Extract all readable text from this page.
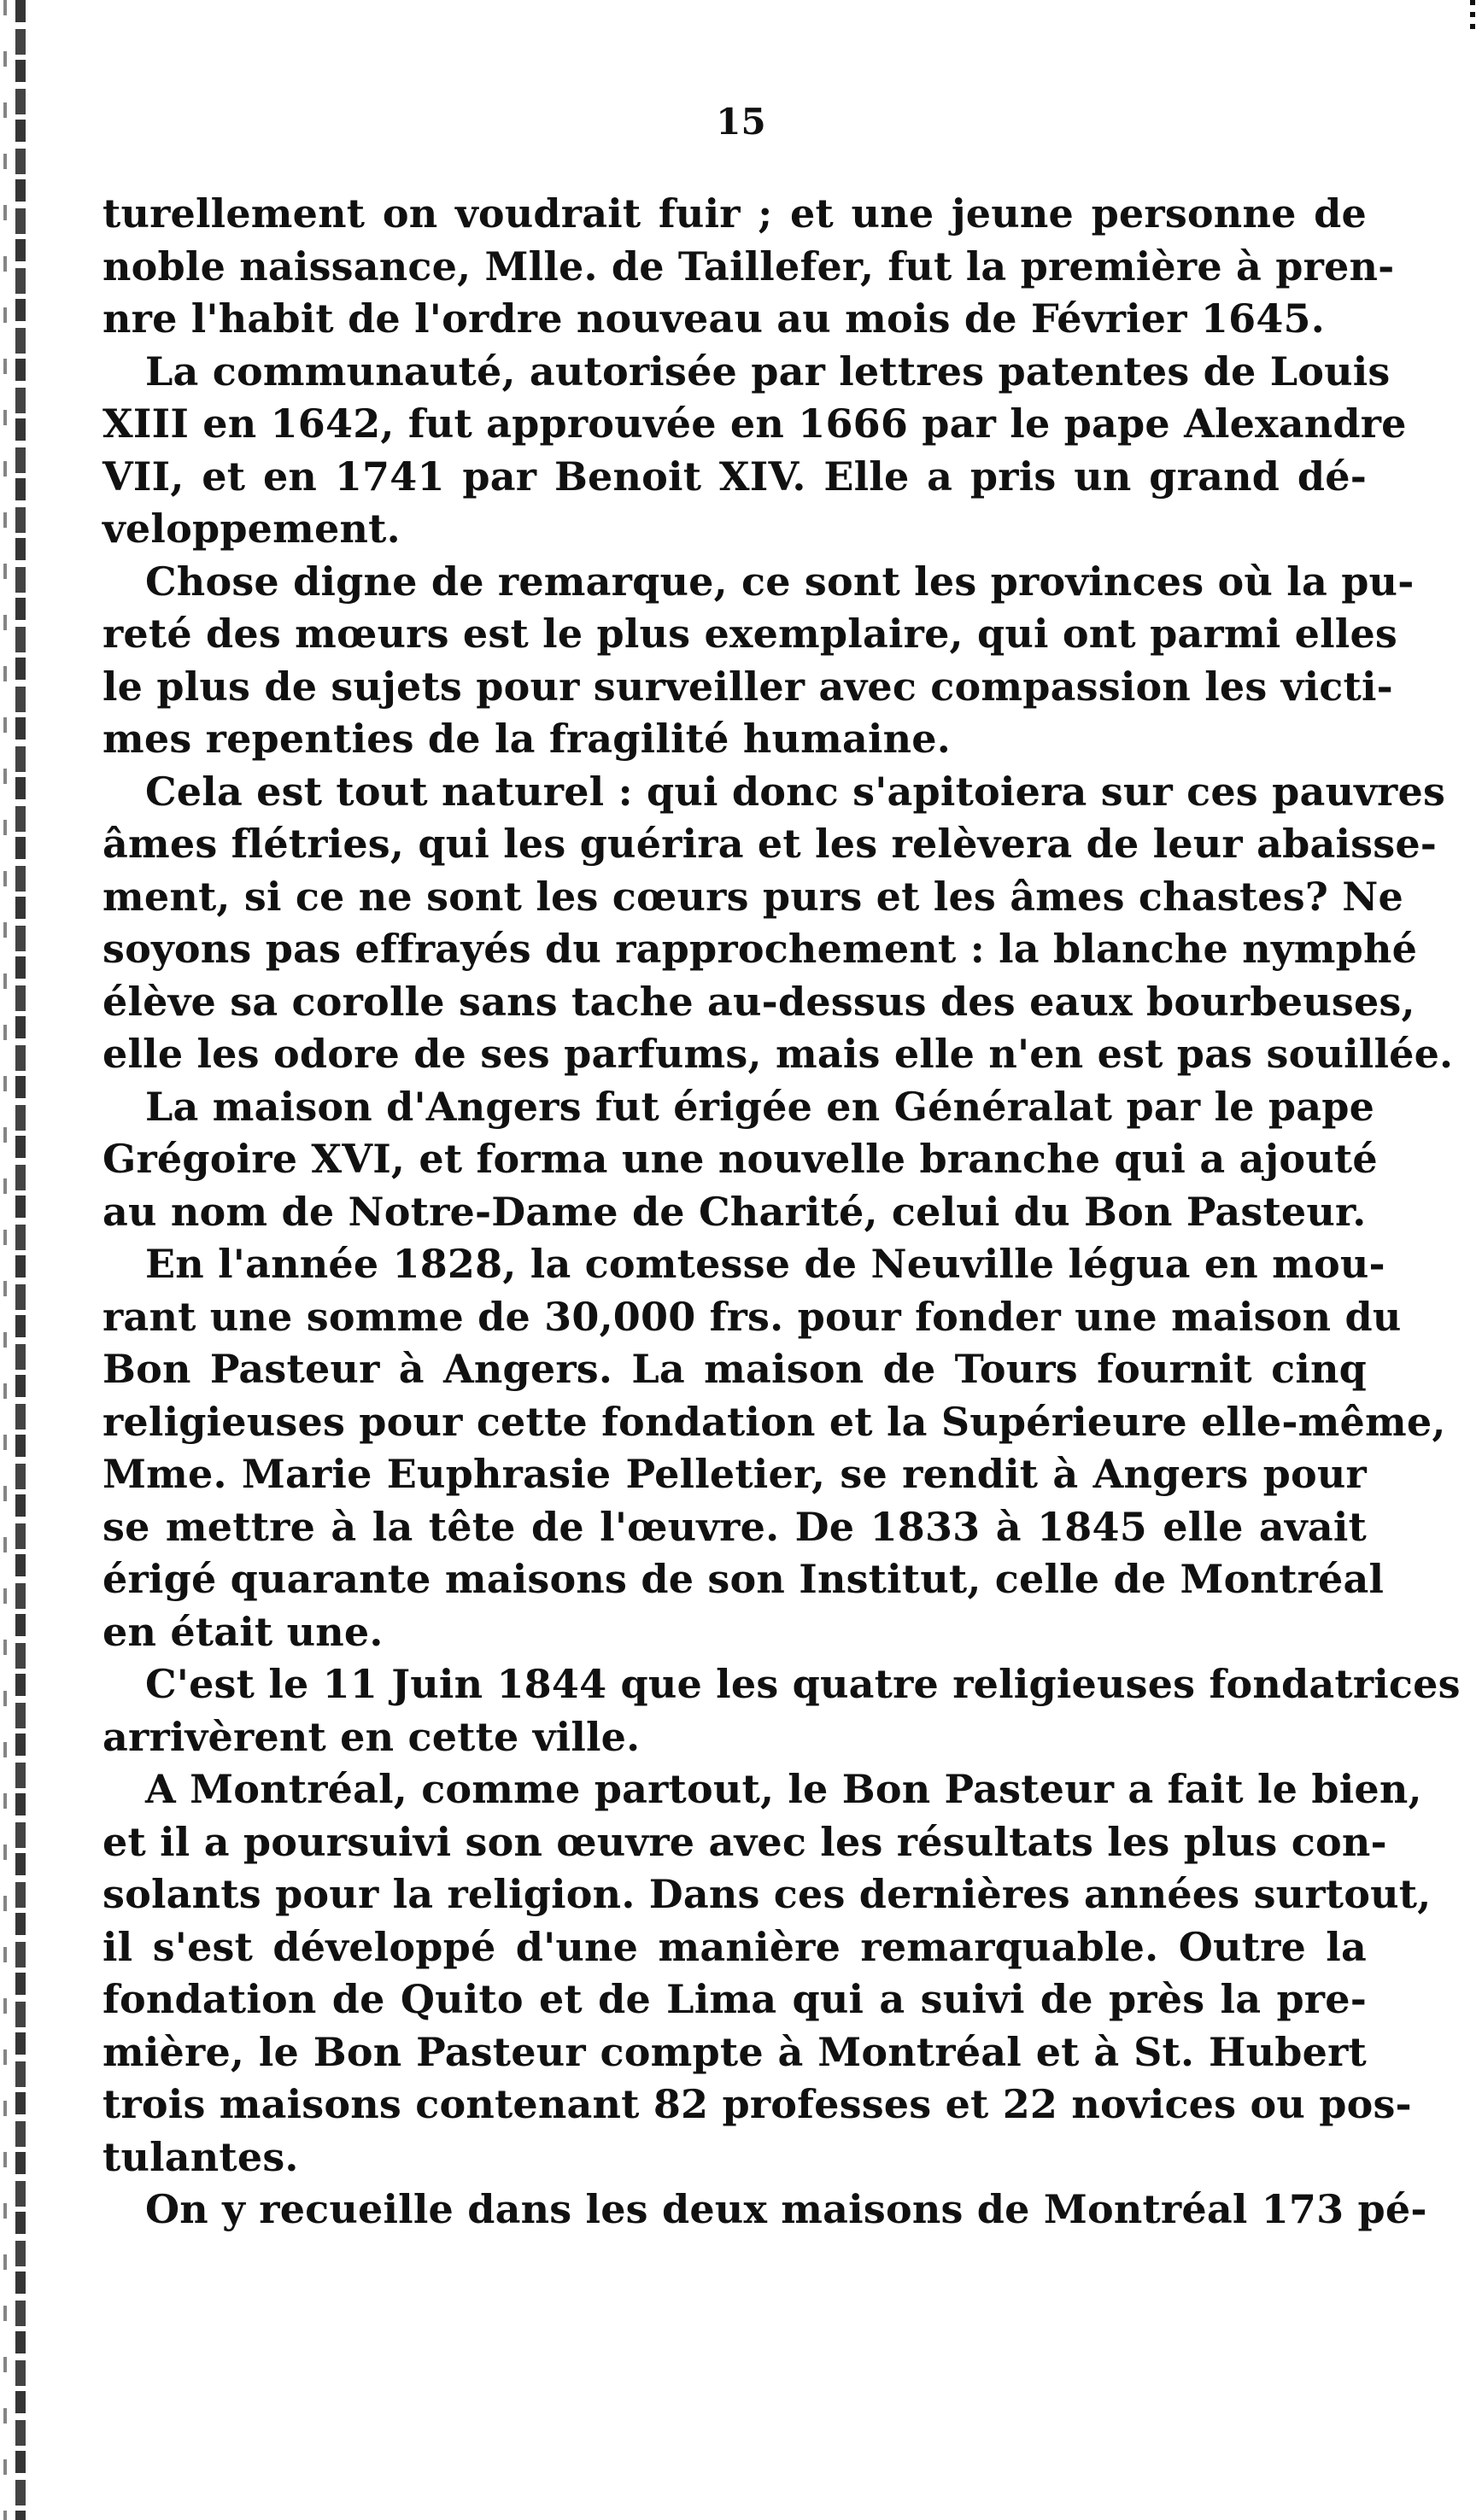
15
turellement on voudrait fuir ; et une jeune personne de
noble naissance, Mlle. de Taillefer, fut la première à pren-
nre l'habit de l'ordre nouveau au mois de Février 1645.
La communauté, autorisée par lettres patentes de Louis
XIII en 1642, fut approuvée en 1666 par le pape Alexandre
VII, et en 1741 par Benoit XIV. Elle a pris un grand dé-
veloppement.
Chose digne de remarque, ce sont les provinces où la pu-
reté des mœurs est le plus exemplaire, qui ont parmi elles
le plus de sujets pour surveiller avec compassion les victi-
mes repenties de la fragilité humaine.
Cela est tout naturel : qui donc s'apitoiera sur ces pauvres
âmes flétries, qui les guérira et les relèvera de leur abaisse-
ment, si ce ne sont les cœurs purs et les âmes chastes? Ne
soyons pas effrayés du rapprochement : la blanche nymphé
élève sa corolle sans tache au-dessus des eaux bourbeuses,
elle les odore de ses parfums, mais elle n'en est pas souillée.
La maison d'Angers fut érigée en Généralat par le pape
Grégoire XVI, et forma une nouvelle branche qui a ajouté
au nom de Notre-Dame de Charité, celui du Bon Pasteur.
En l'année 1828, la comtesse de Neuville légua en mou-
rant une somme de 30,000 frs. pour fonder une maison du
Bon Pasteur à Angers. La maison de Tours fournit cinq
religieuses pour cette fondation et la Supérieure elle-même,
Mme. Marie Euphrasie Pelletier, se rendit à Angers pour
se mettre à la tête de l'œuvre. De 1833 à 1845 elle avait
érigé quarante maisons de son Institut, celle de Montréal
en était une.
C'est le 11 Juin 1844 que les quatre religieuses fondatrices
arrivèrent en cette ville.
A Montréal, comme partout, le Bon Pasteur a fait le bien,
et il a poursuivi son œuvre avec les résultats les plus con-
solants pour la religion. Dans ces dernières années surtout,
il s'est développé d'une manière remarquable. Outre la
fondation de Quito et de Lima qui a suivi de près la pre-
mière, le Bon Pasteur compte à Montréal et à St. Hubert
trois maisons contenant 82 professes et 22 novices ou pos-
tulantes.
On y recueille dans les deux maisons de Montréal 173 pé-
